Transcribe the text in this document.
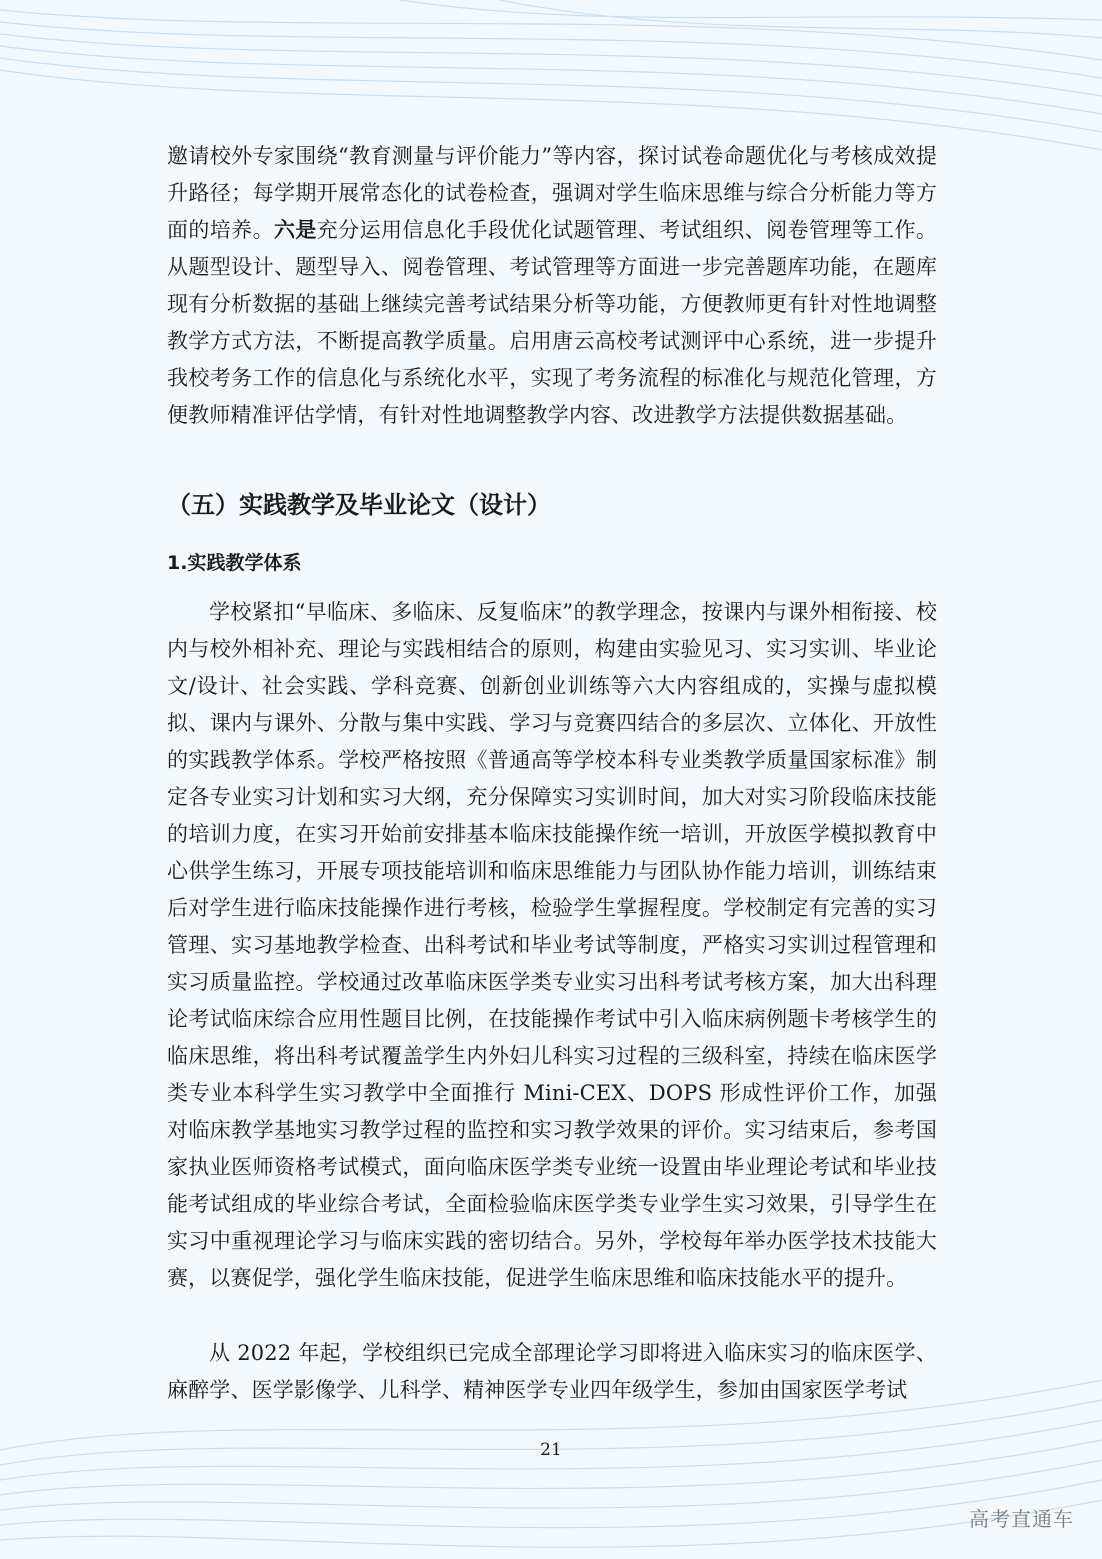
邀请校外专家围绕“教育测量与评价能力”等内容，探讨试卷命题优化与考核成效提升路径；每学期开展常态化的试卷检查，强调对学生临床思维与综合分析能力等方面的培养。六是充分运用信息化手段优化试题管理、考试组织、阅卷管理等工作。从题型设计、题型导入、阅卷管理、考试管理等方面进一步完善题库功能，在题库现有分析数据的基础上继续完善考试结果分析等功能，方便教师更有针对性地调整教学方式方法，不断提高教学质量。启用唐云高校考试测评中心系统，进一步提升我校考务工作的信息化与系统化水平，实现了考务流程的标准化与规范化管理，方便教师精准评估学情，有针对性地调整教学内容、改进教学方法提供数据基础。

（五）实践教学及毕业论文（设计）
1.实践教学体系

学校紧扣“早临床、多临床、反复临床”的教学理念，按课内与课外相衔接、校内与校外相补充、理论与实践相结合的原则，构建由实验见习、实习实训、毕业论文/设计、社会实践、学科竞赛、创新创业训练等六大内容组成的，实操与虚拟模拟、课内与课外、分散与集中实践、学习与竞赛四结合的多层次、立体化、开放性的实践教学体系。学校严格按照《普通高等学校本科专业类教学质量国家标准》制定各专业实习计划和实习大纲，充分保障实习实训时间，加大对实习阶段临床技能的培训力度，在实习开始前安排基本临床技能操作统一培训，开放医学模拟教育中心供学生练习，开展专项技能培训和临床思维能力与团队协作能力培训，训练结束后对学生进行临床技能操作进行考核，检验学生掌握程度。学校制定有完善的实习管理、实习基地教学检查、出科考试和毕业考试等制度，严格实习实训过程管理和实习质量监控。学校通过改革临床医学类专业实习出科考试考核方案，加大出科理论考试临床综合应用性题目比例，在技能操作考试中引入临床病例题卡考核学生的临床思维，将出科考试覆盖学生内外妇儿科实习过程的三级科室，持续在临床医学类专业本科学生实习教学中全面推行 Mini-CEX、DOPS 形成性评价工作，加强对临床教学基地实习教学过程的监控和实习教学效果的评价。实习结束后，参考国家执业医师资格考试模式，面向临床医学类专业统一设置由毕业理论考试和毕业技能考试组成的毕业综合考试，全面检验临床医学类专业学生实习效果，引导学生在实习中重视理论学习与临床实践的密切结合。另外，学校每年举办医学技术技能大赛，以赛促学，强化学生临床技能，促进学生临床思维和临床技能水平的提升。

从 2022 年起，学校组织已完成全部理论学习即将进入临床实习的临床医学、麻醉学、医学影像学、儿科学、精神医学专业四年级学生，参加由国家医学考试

21
高考直通车
